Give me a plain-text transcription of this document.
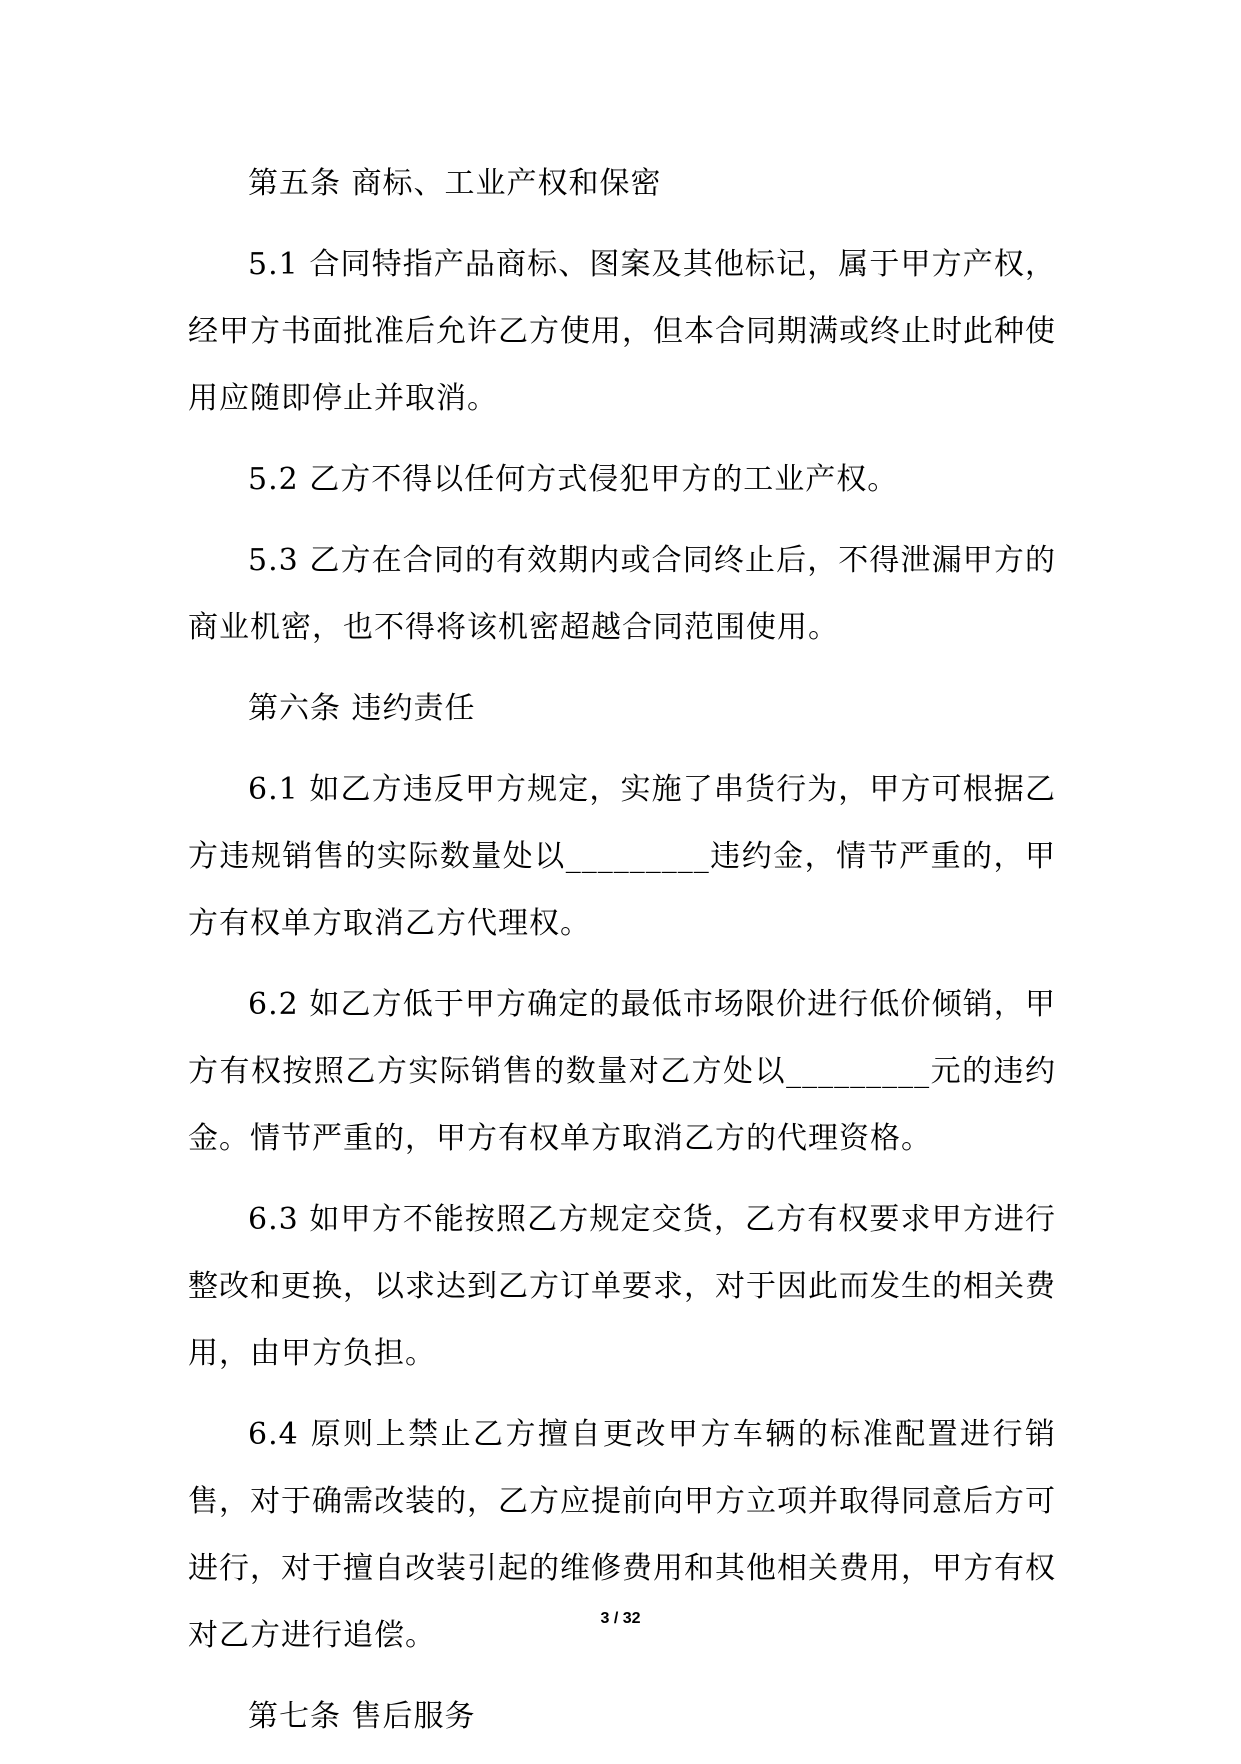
第五条 商标、工业产权和保密

5.1 合同特指产品商标、图案及其他标记，属于甲方产权，经甲方书面批准后允许乙方使用，但本合同期满或终止时此种使用应随即停止并取消。

5.2 乙方不得以任何方式侵犯甲方的工业产权。

5.3 乙方在合同的有效期内或合同终止后，不得泄漏甲方的商业机密，也不得将该机密超越合同范围使用。

第六条 违约责任

6.1 如乙方违反甲方规定，实施了串货行为，甲方可根据乙方违规销售的实际数量处以_________违约金，情节严重的，甲方有权单方取消乙方代理权。

6.2 如乙方低于甲方确定的最低市场限价进行低价倾销，甲方有权按照乙方实际销售的数量对乙方处以_________元的违约金。情节严重的，甲方有权单方取消乙方的代理资格。

6.3 如甲方不能按照乙方规定交货，乙方有权要求甲方进行整改和更换，以求达到乙方订单要求，对于因此而发生的相关费用，由甲方负担。

6.4 原则上禁止乙方擅自更改甲方车辆的标准配置进行销售，对于确需改装的，乙方应提前向甲方立项并取得同意后方可进行，对于擅自改装引起的维修费用和其他相关费用，甲方有权对乙方进行追偿。

第七条 售后服务

3 / 32
